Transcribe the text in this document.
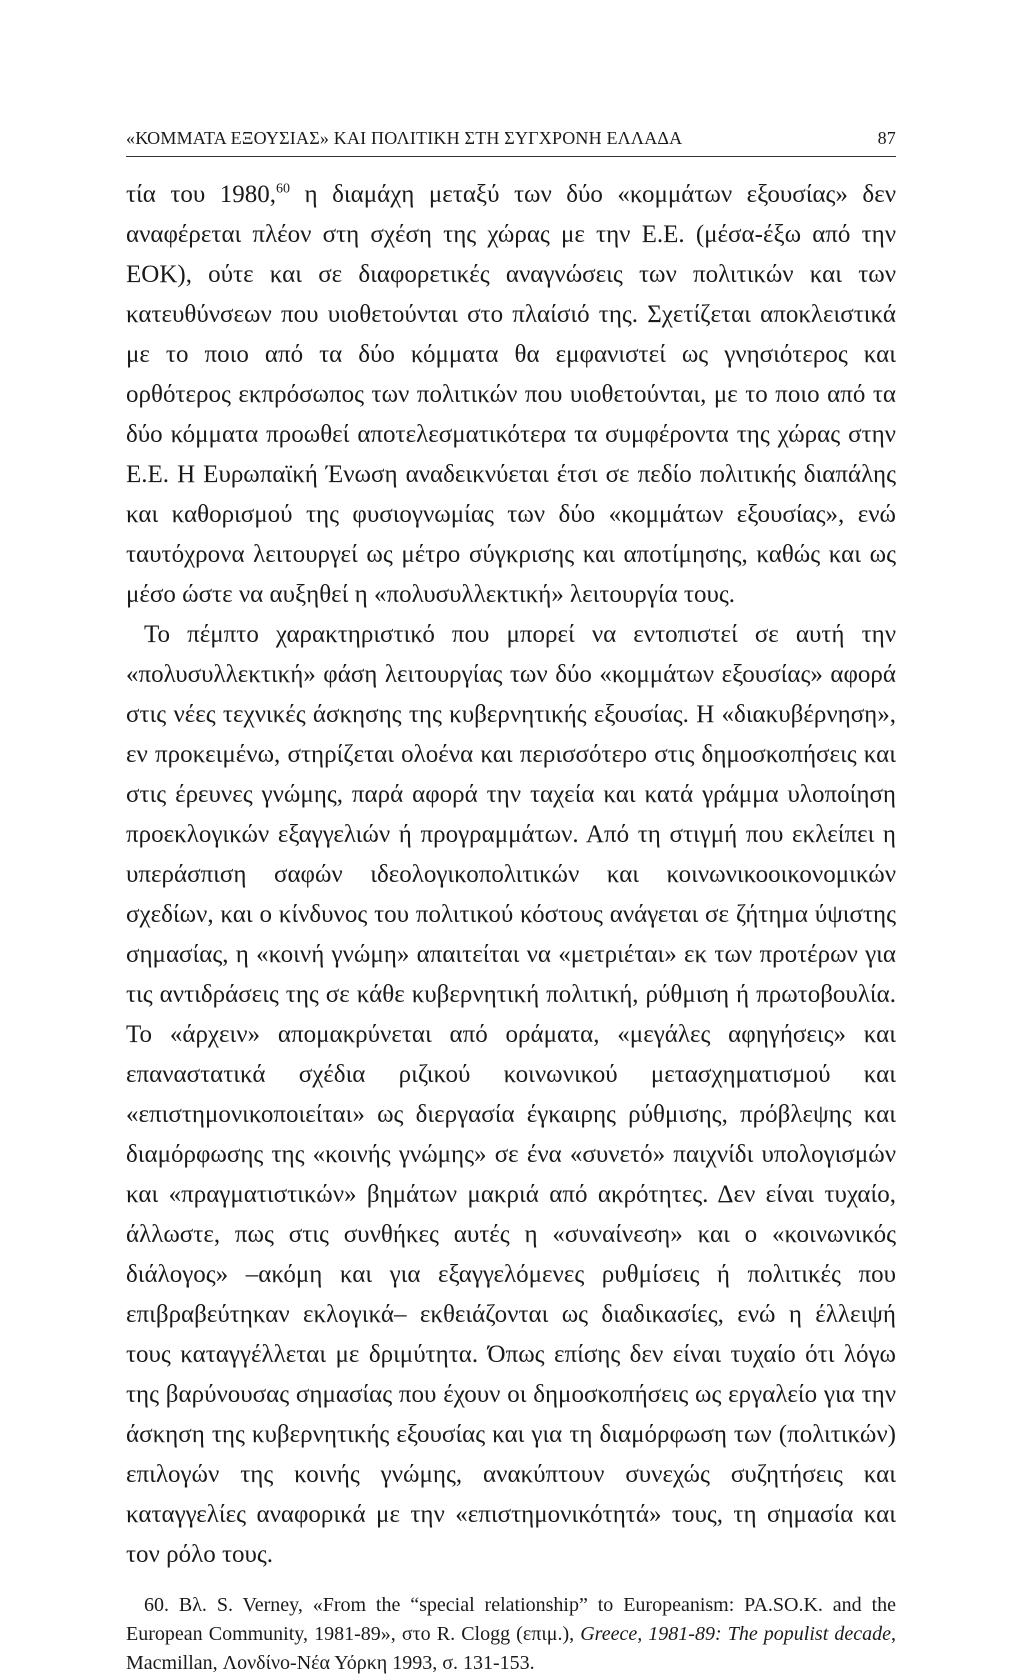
«ΚΟΜΜΑΤΑ ΕΞΟΥΣΙΑΣ» ΚΑΙ ΠΟΛΙΤΙΚΗ ΣΤΗ ΣΥΓΧΡΟΝΗ ΕΛΛΑΔΑ	87

τία του 1980,60 η διαμάχη μεταξύ των δύο «κομμάτων εξουσίας» δεν αναφέρεται πλέον στη σχέση της χώρας με την Ε.Ε. (μέσα-έξω από την ΕΟΚ), ούτε και σε διαφορετικές αναγνώσεις των πολιτικών και των κατευθύνσεων που υιοθετούνται στο πλαίσιό της. Σχετίζεται αποκλειστικά με το ποιο από τα δύο κόμματα θα εμφανιστεί ως γνησιότερος και ορθότερος εκπρόσωπος των πολιτικών που υιοθετούνται, με το ποιο από τα δύο κόμματα προωθεί αποτελεσματικότερα τα συμφέροντα της χώρας στην Ε.Ε. Η Ευρωπαϊκή Ένωση αναδεικνύεται έτσι σε πεδίο πολιτικής διαπάλης και καθορισμού της φυσιογνωμίας των δύο «κομμάτων εξουσίας», ενώ ταυτόχρονα λειτουργεί ως μέτρο σύγκρισης και αποτίμησης, καθώς και ως μέσο ώστε να αυξηθεί η «πολυσυλλεκτική» λειτουργία τους.

Το πέμπτο χαρακτηριστικό που μπορεί να εντοπιστεί σε αυτή την «πολυσυλλεκτική» φάση λειτουργίας των δύο «κομμάτων εξουσίας» αφορά στις νέες τεχνικές άσκησης της κυβερνητικής εξουσίας. Η «διακυβέρνηση», εν προκειμένω, στηρίζεται ολοένα και περισσότερο στις δημοσκοπήσεις και στις έρευνες γνώμης, παρά αφορά την ταχεία και κατά γράμμα υλοποίηση προεκλογικών εξαγγελιών ή προγραμμάτων. Από τη στιγμή που εκλείπει η υπεράσπιση σαφών ιδεολογικοπολιτικών και κοινωνικοοικονομικών σχεδίων, και ο κίνδυνος του πολιτικού κόστους ανάγεται σε ζήτημα ύψιστης σημασίας, η «κοινή γνώμη» απαιτείται να «μετριέται» εκ των προτέρων για τις αντιδράσεις της σε κάθε κυβερνητική πολιτική, ρύθμιση ή πρωτοβουλία. Το «άρχειν» απομακρύνεται από οράματα, «μεγάλες αφηγήσεις» και επαναστατικά σχέδια ριζικού κοινωνικού μετασχηματισμού και «επιστημονικοποιείται» ως διεργασία έγκαιρης ρύθμισης, πρόβλεψης και διαμόρφωσης της «κοινής γνώμης» σε ένα «συνετό» παιχνίδι υπολογισμών και «πραγματιστικών» βημάτων μακριά από ακρότητες. Δεν είναι τυχαίο, άλλωστε, πως στις συνθήκες αυτές η «συναίνεση» και ο «κοινωνικός διάλογος» –ακόμη και για εξαγγελόμενες ρυθμίσεις ή πολιτικές που επιβραβεύτηκαν εκλογικά– εκθειάζονται ως διαδικασίες, ενώ η έλλειψή τους καταγγέλλεται με δριμύτητα. Όπως επίσης δεν είναι τυχαίο ότι λόγω της βαρύνουσας σημασίας που έχουν οι δημοσκοπήσεις ως εργαλείο για την άσκηση της κυβερνητικής εξουσίας και για τη διαμόρφωση των (πολιτικών) επιλογών της κοινής γνώμης, ανακύπτουν συνεχώς συζητήσεις και καταγγελίες αναφορικά με την «επιστημονικότητά» τους, τη σημασία και τον ρόλο τους.

60. Βλ. S. Verney, «From the “special relationship” to Europeanism: PA.SO.K. and the European Community, 1981-89», στο R. Clogg (επιμ.), Greece, 1981-89: The populist decade, Macmillan, Λονδίνο-Νέα Υόρκη 1993, σ. 131-153.
